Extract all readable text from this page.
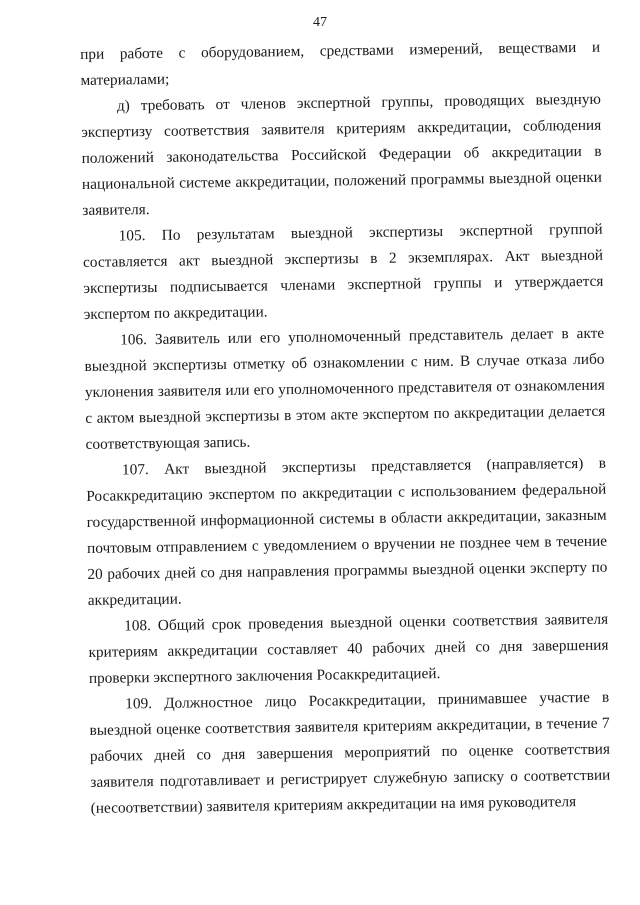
47

при работе с оборудованием, средствами измерений, веществами и материалами;

д) требовать от членов экспертной группы, проводящих выездную экспертизу соответствия заявителя критериям аккредитации, соблюдения положений законодательства Российской Федерации об аккредитации в национальной системе аккредитации, положений программы выездной оценки заявителя.

105. По результатам выездной экспертизы экспертной группой составляется акт выездной экспертизы в 2 экземплярах. Акт выездной экспертизы подписывается членами экспертной группы и утверждается экспертом по аккредитации.

106. Заявитель или его уполномоченный представитель делает в акте выездной экспертизы отметку об ознакомлении с ним. В случае отказа либо уклонения заявителя или его уполномоченного представителя от ознакомления с актом выездной экспертизы в этом акте экспертом по аккредитации делается соответствующая запись.

107. Акт выездной экспертизы представляется (направляется) в Росаккредитацию экспертом по аккредитации с использованием федеральной государственной информационной системы в области аккредитации, заказным почтовым отправлением с уведомлением о вручении не позднее чем в течение 20 рабочих дней со дня направления программы выездной оценки эксперту по аккредитации.

108. Общий срок проведения выездной оценки соответствия заявителя критериям аккредитации составляет 40 рабочих дней со дня завершения проверки экспертного заключения Росаккредитацией.

109. Должностное лицо Росаккредитации, принимавшее участие в выездной оценке соответствия заявителя критериям аккредитации, в течение 7 рабочих дней со дня завершения мероприятий по оценке соответствия заявителя подготавливает и регистрирует служебную записку о соответствии (несоответствии) заявителя критериям аккредитации на имя руководителя
